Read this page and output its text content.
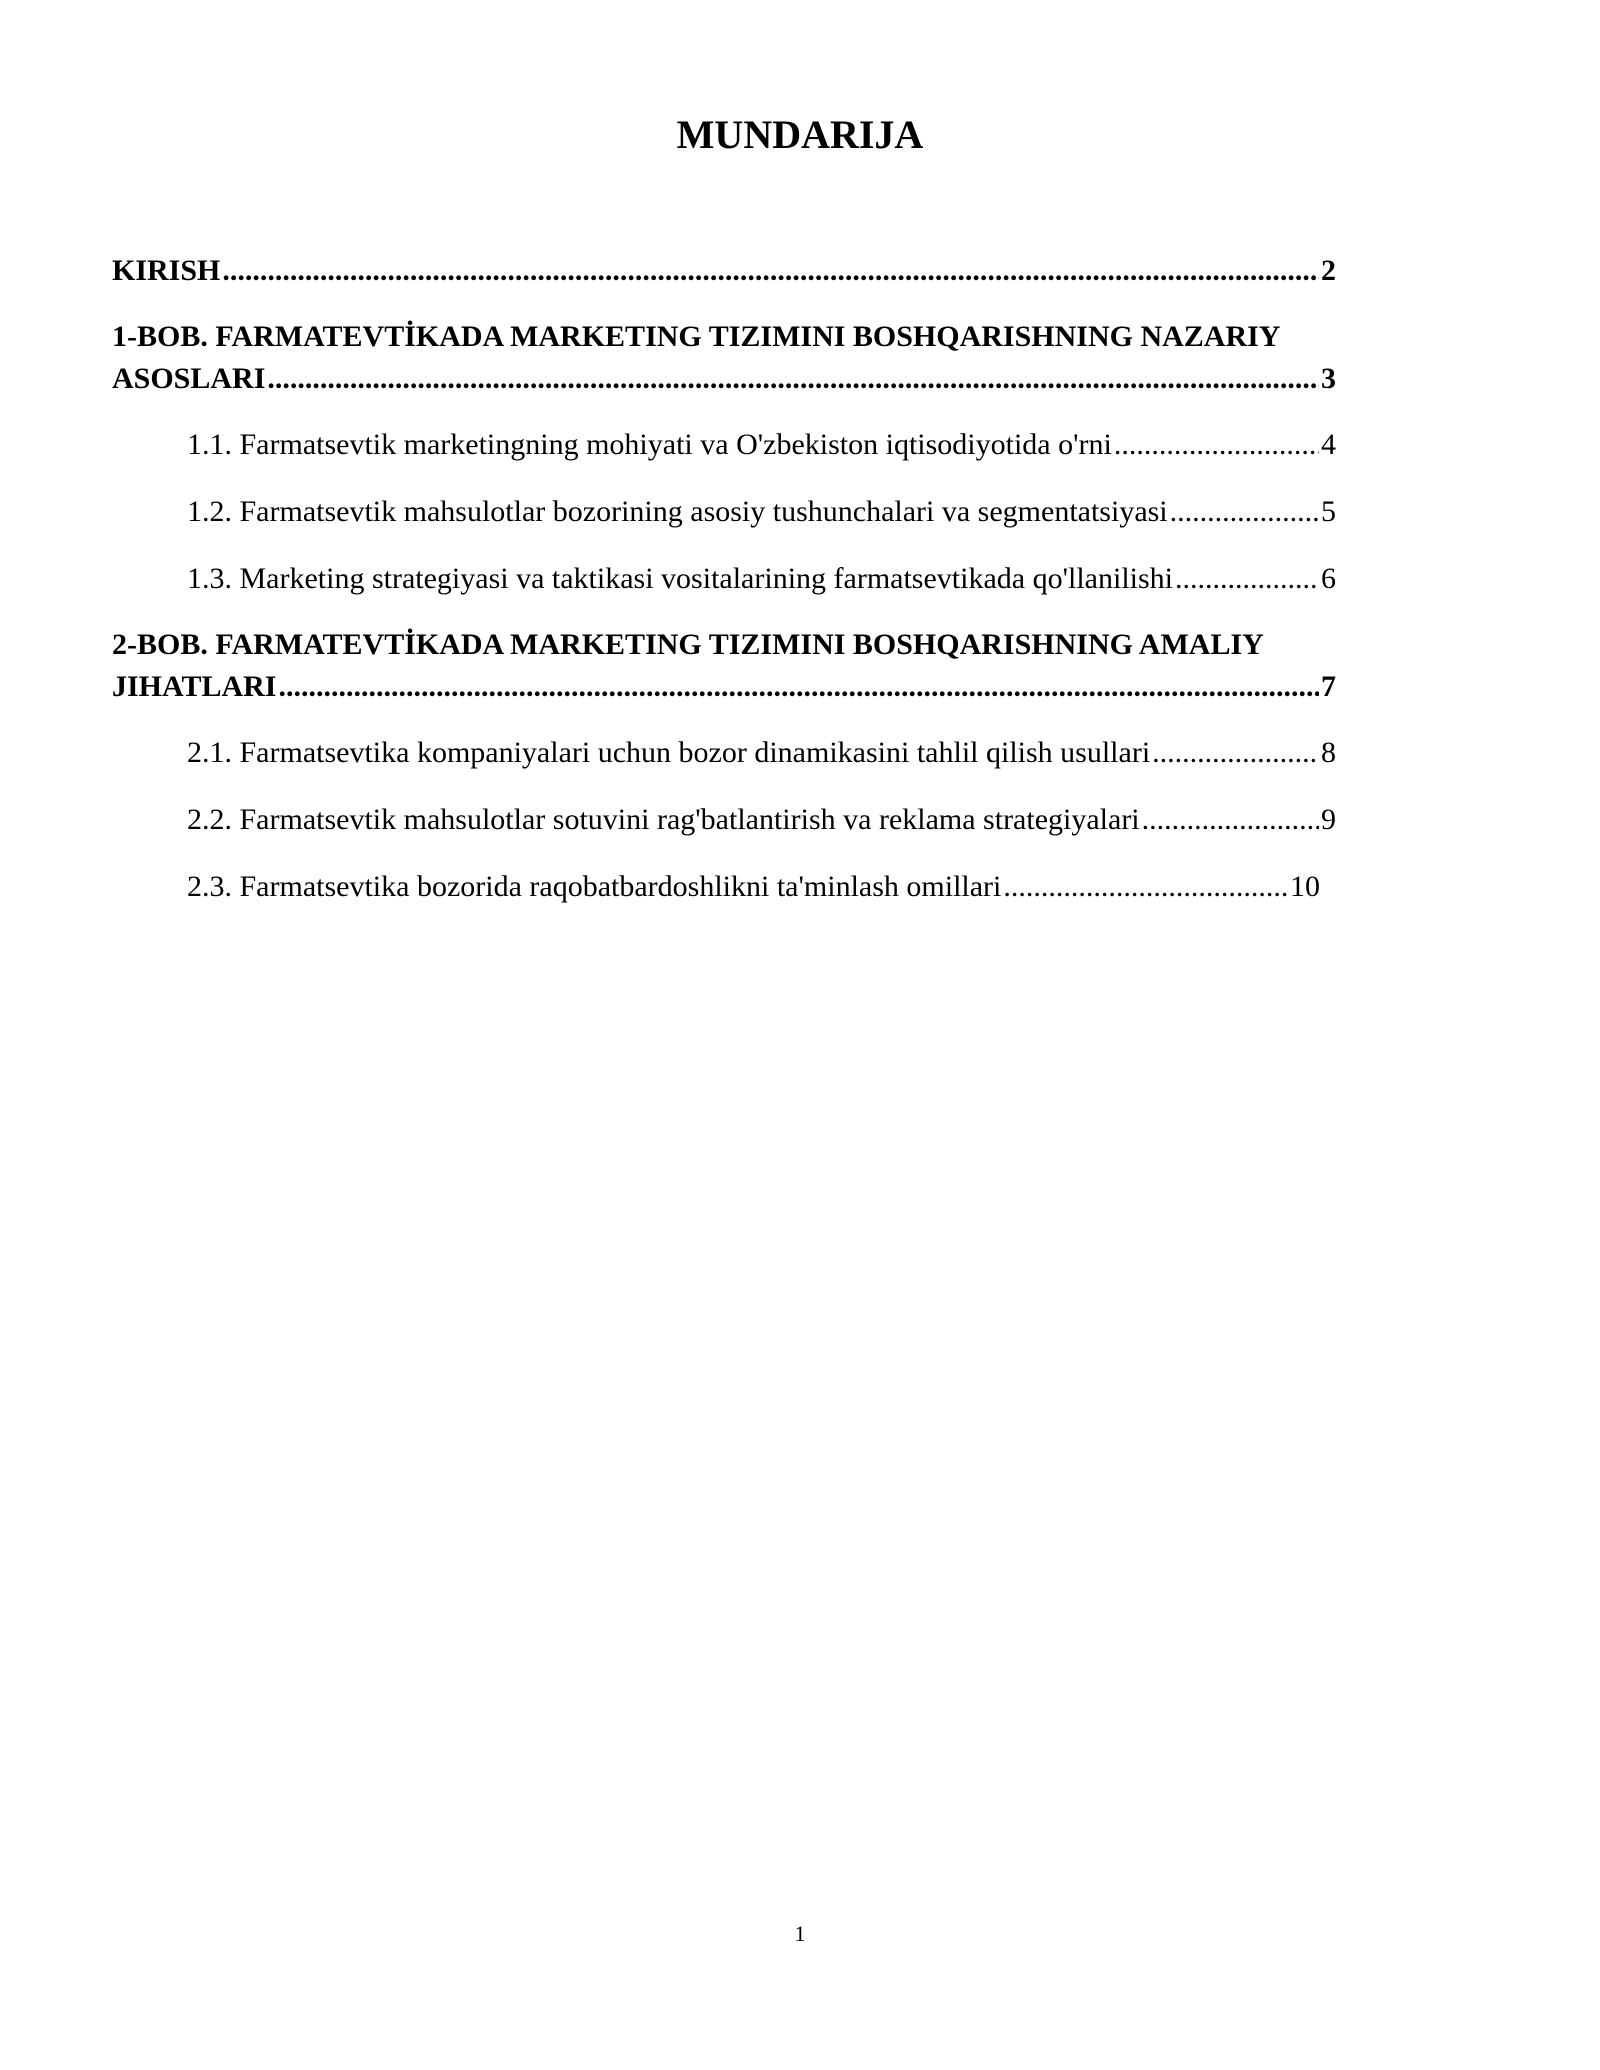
MUNDARIJA
KIRISH .....	2
1-BOB. FARMATEVTİKADA MARKETING TIZIMINI BOSHQARISHNING NAZARIY
ASOSLARI .....	3
1.1. Farmatsevtik marketingning mohiyati va O'zbekiston iqtisodiyotida o'rni .....	4
1.2. Farmatsevtik mahsulotlar bozorining asosiy tushunchalari va segmentatsiyasi .....	5
1.3. Marketing strategiyasi va taktikasi vositalarining farmatsevtikada qo'llanilishi .....	6
2-BOB. FARMATEVTİKADA MARKETING TIZIMINI BOSHQARISHNING AMALIY
JIHATLARI .....	7
2.1. Farmatsevtika kompaniyalari uchun bozor dinamikasini tahlil qilish usullari .....	8
2.2. Farmatsevtik mahsulotlar sotuvini rag'batlantirish va reklama strategiyalari .....	9
2.3. Farmatsevtika bozorida raqobatbardoshlikni ta'minlash omillari .....	10
1
